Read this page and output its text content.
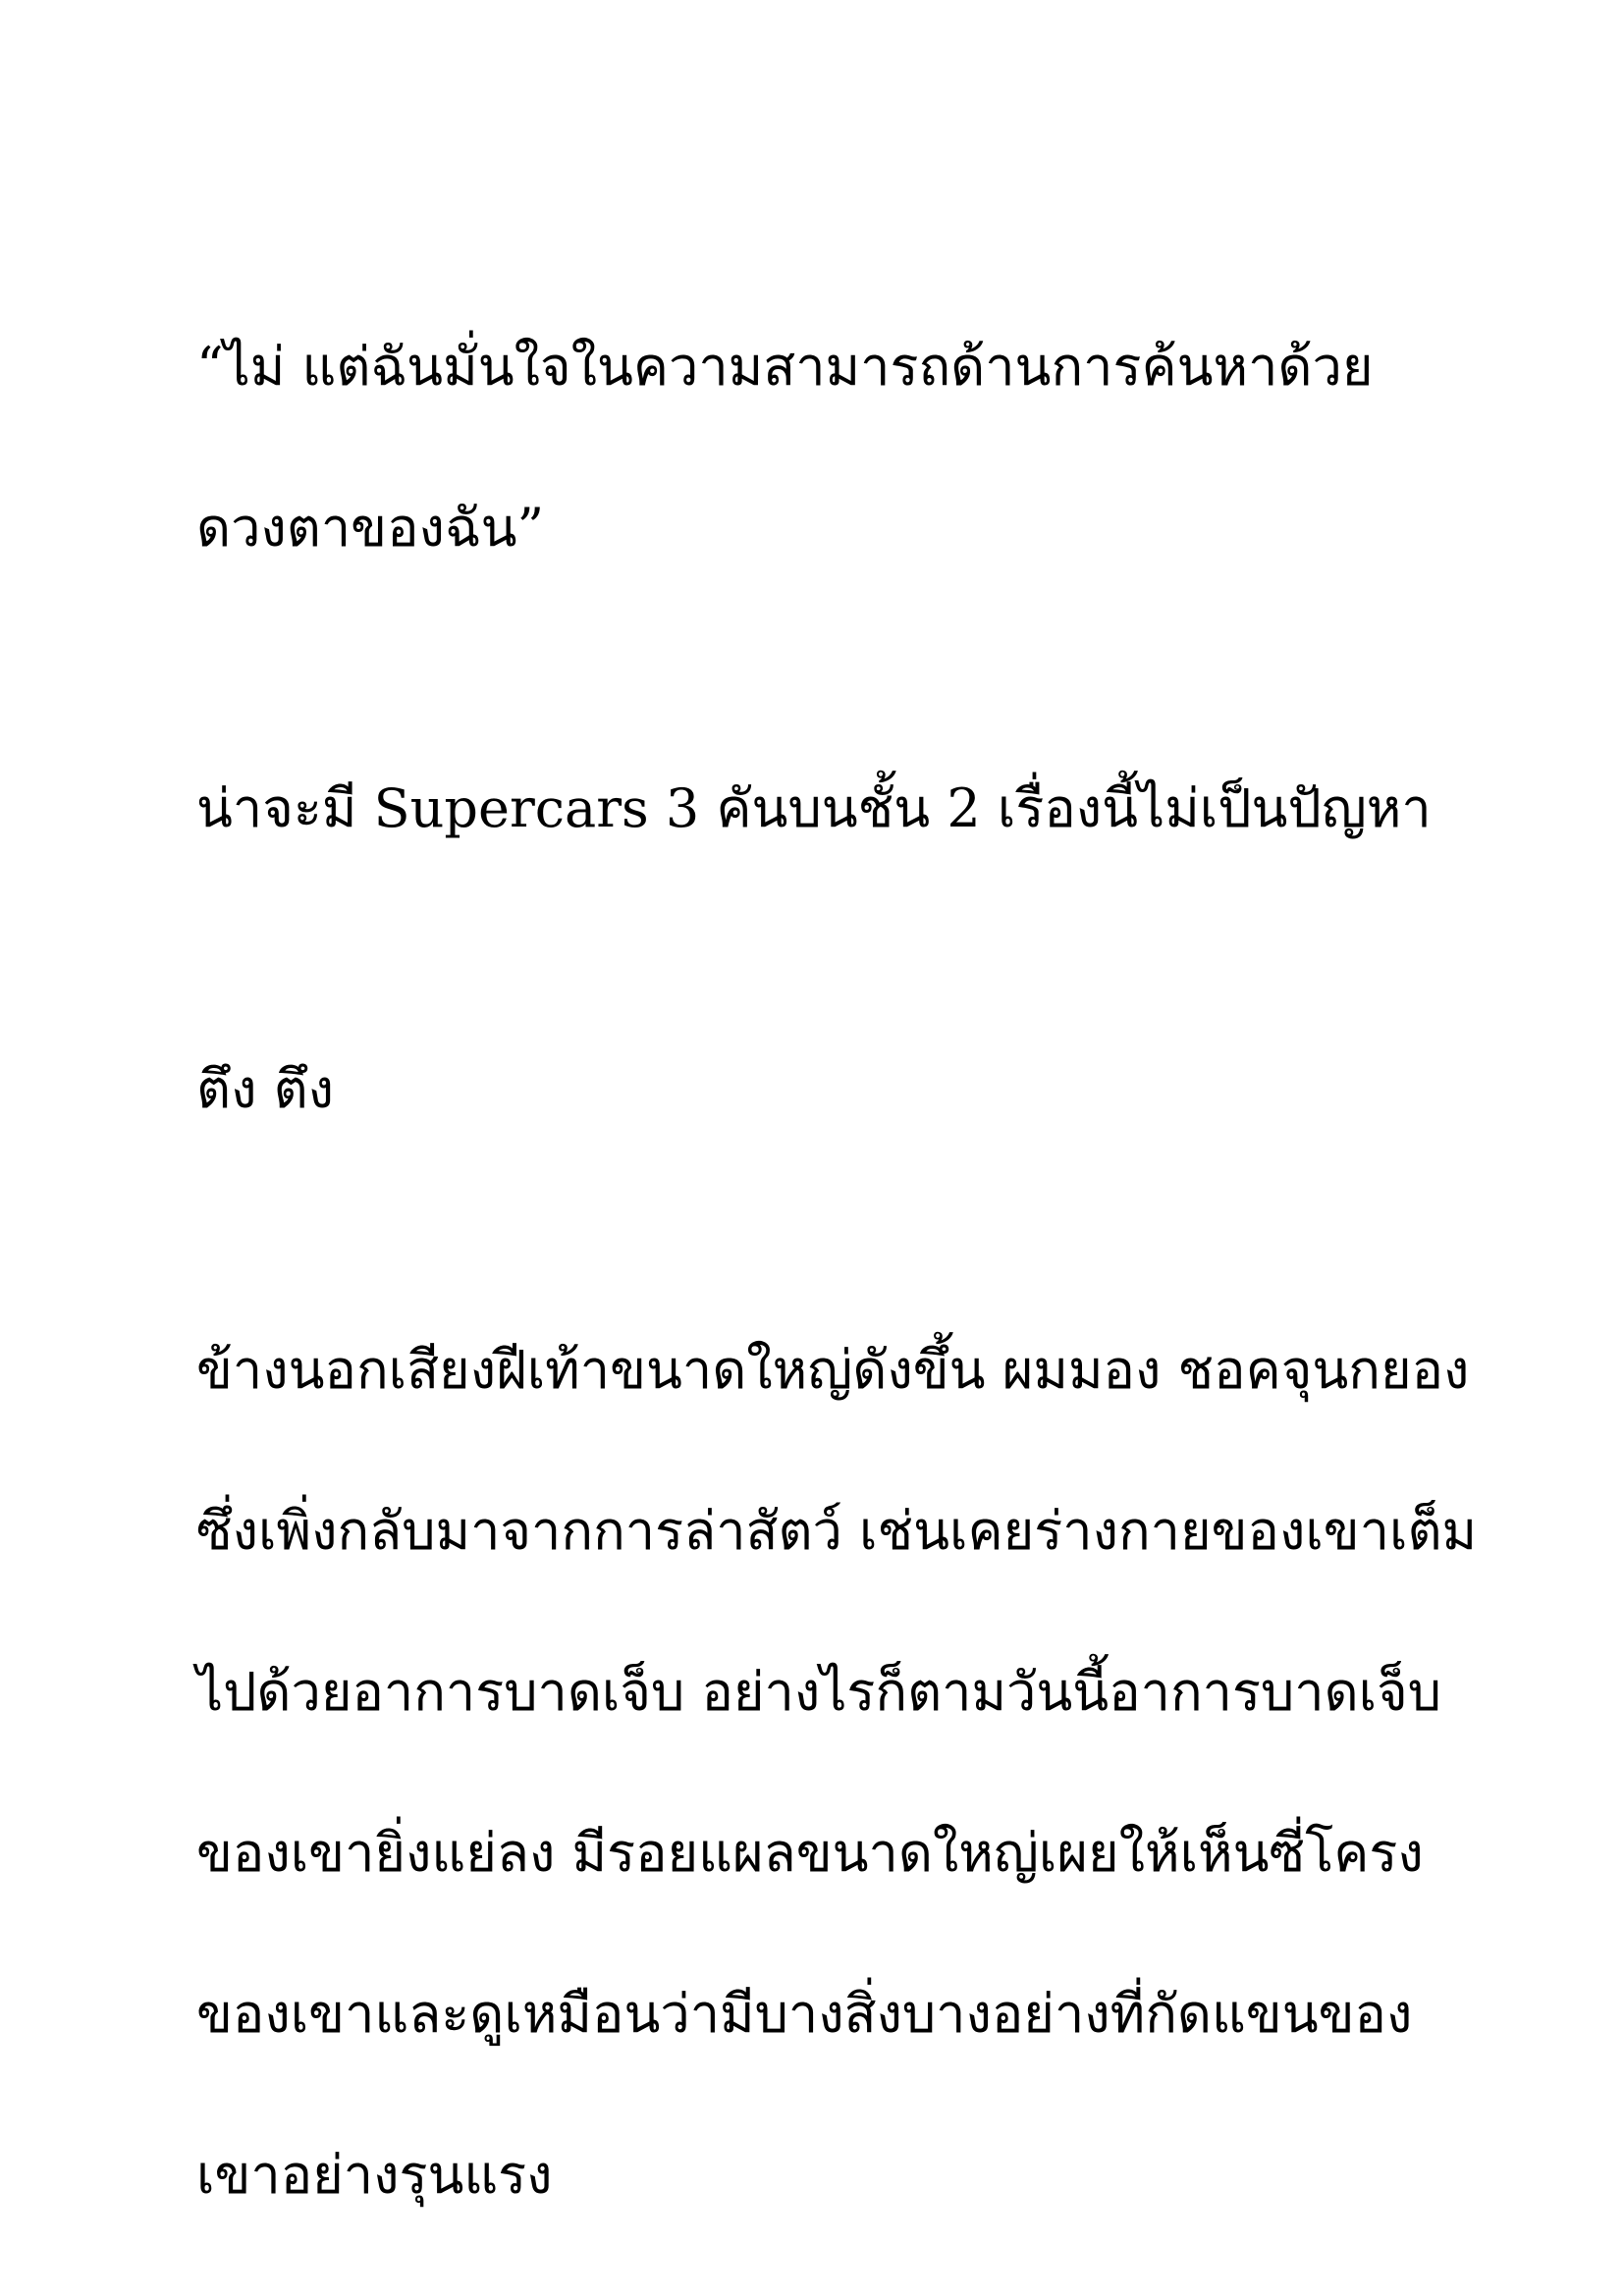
“ไม่ แต่ฉันมั่นใจในความสามารถด้านการค้นหาด้วย

ดวงตาของฉัน”

น่าจะมี Supercars 3 คันบนชั้น 2 เรื่องนี้ไม่เป็นปัญหา

ตึง ตึง

ข้างนอกเสียงฝีเท้าขนาดใหญ่ดังขึ้น ผมมอง ชอคจุนกยอง

ซึ่งเพิ่งกลับมาจากการล่าสัตว์ เช่นเคยร่างกายของเขาเต็ม

ไปด้วยอาการบาดเจ็บ อย่างไรก็ตามวันนี้อาการบาดเจ็บ

ของเขายิ่งแย่ลง มีรอยแผลขนาดใหญ่เผยให้เห็นซี่โครง

ของเขาและดูเหมือนว่ามีบางสิ่งบางอย่างที่กัดแขนของ

เขาอย่างรุนแรง
